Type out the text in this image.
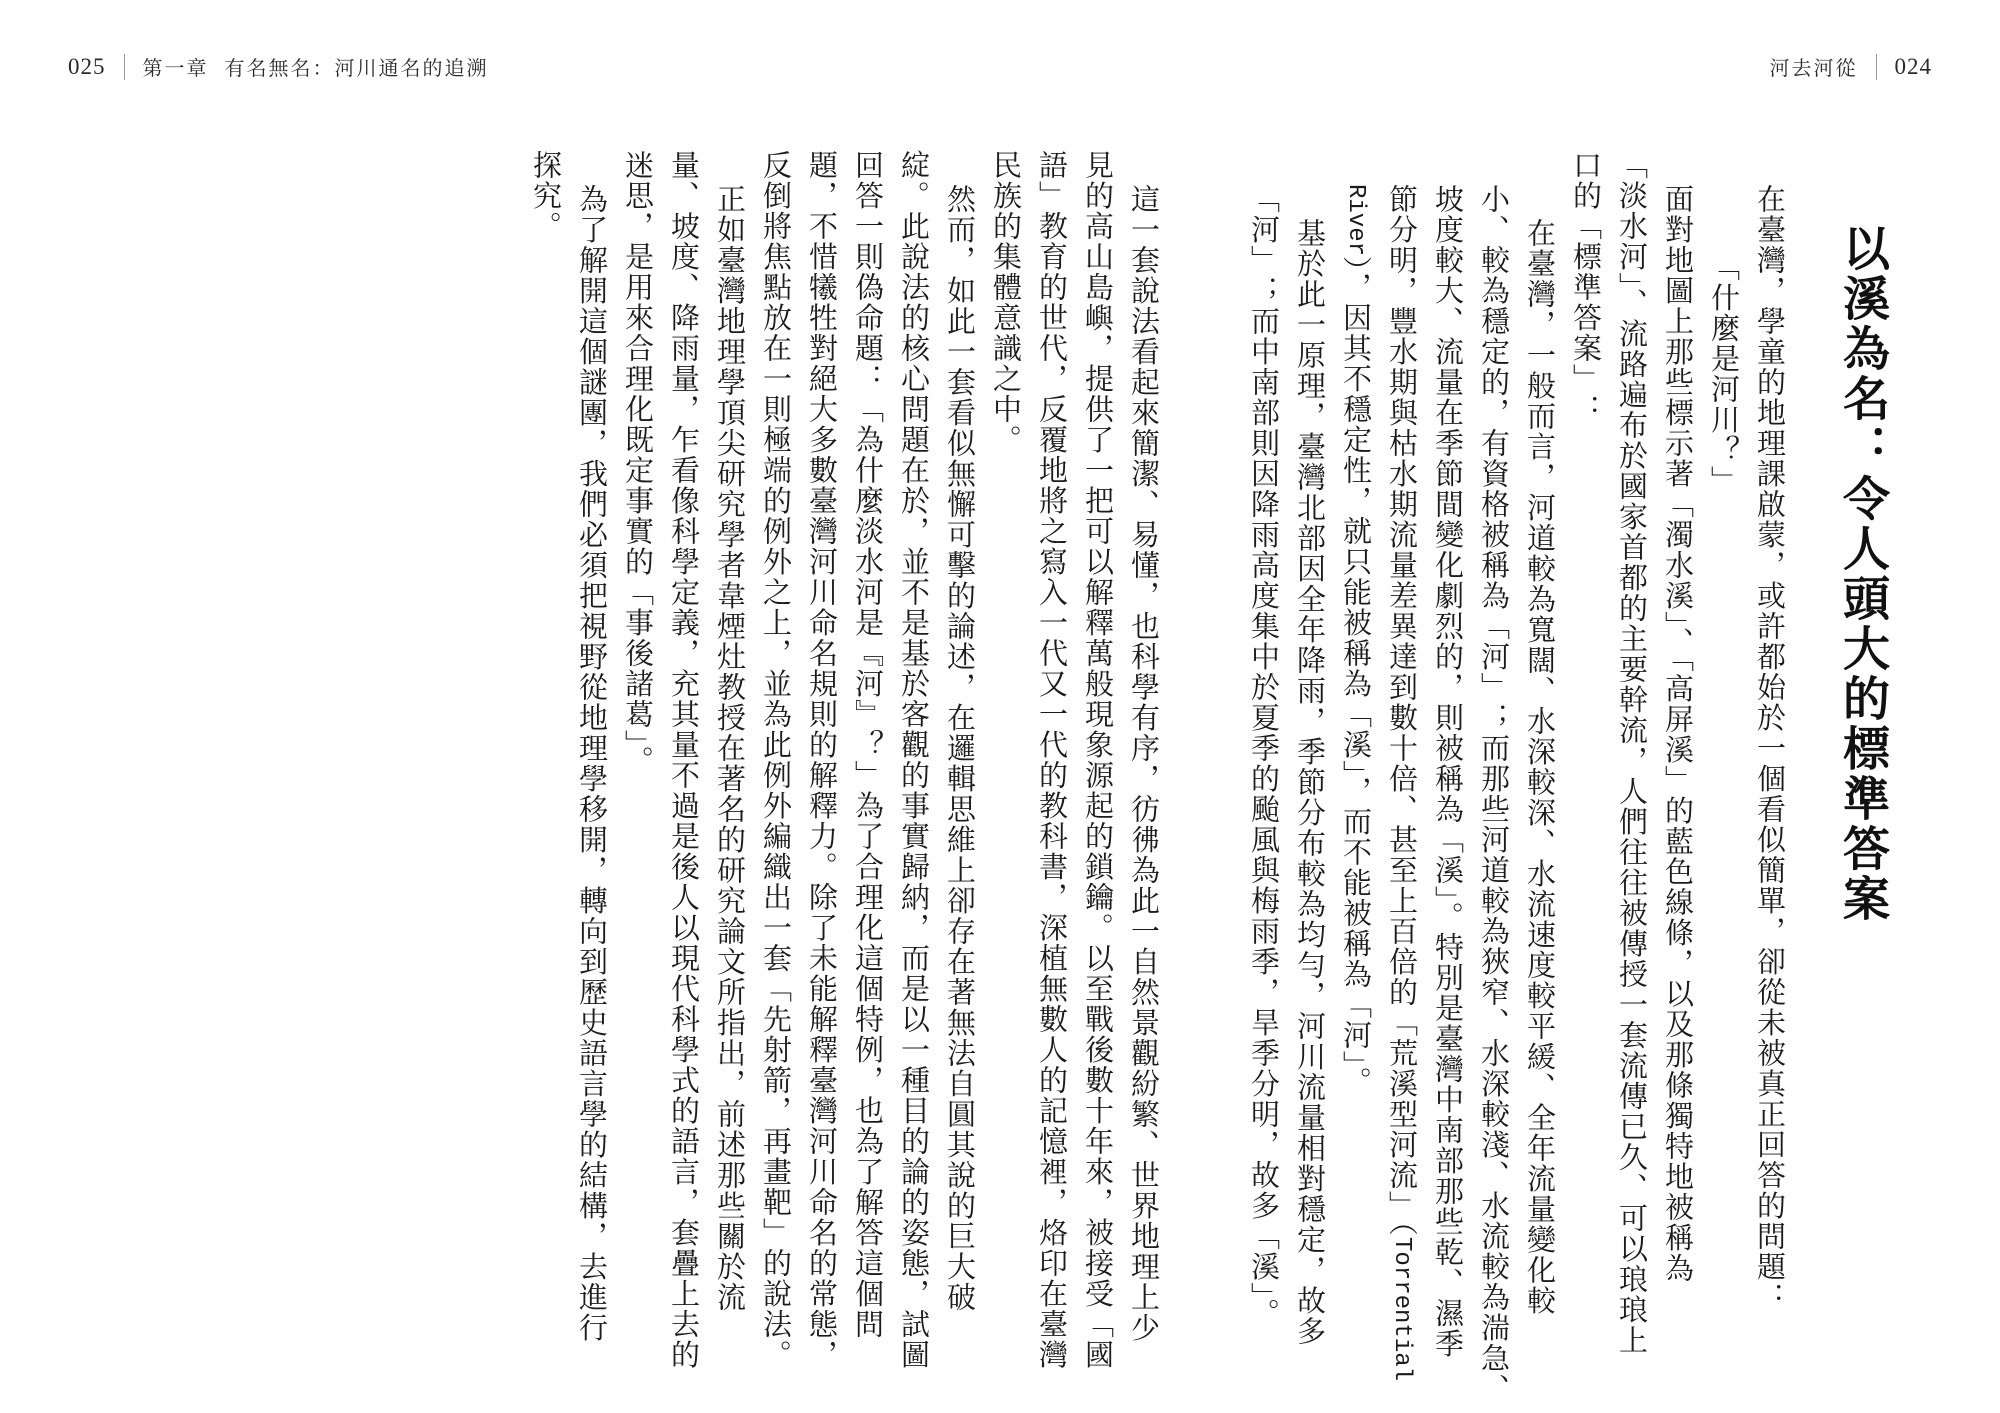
025 第一章 有名無名：河川通名的追溯	河去河從 024
以溪為名：令人頭大的標準答案
在臺灣，學童的地理課啟蒙，或許都始於一個看似簡單，卻從未被真正回答的問題：
「什麼是河川？」
面對地圖上那些標示著「濁水溪」、「高屏溪」的藍色線條，以及那條獨特地被稱為
「淡水河」、流路遍布於國家首都的主要幹流，人們往往被傳授一套流傳已久、可以琅琅上
口的「標準答案」：
在臺灣，一般而言，河道較為寬闊、水深較深、水流速度較平緩、全年流量變化較
小、較為穩定的，有資格被稱為「河」；而那些河道較為狹窄、水深較淺、水流較為湍急、
坡度較大、流量在季節間變化劇烈的，則被稱為「溪」。特別是臺灣中南部那些乾、濕季
節分明，豐水期與枯水期流量差異達到數十倍、甚至上百倍的「荒溪型河流」（Torrential
River），因其不穩定性，就只能被稱為「溪」，而不能被稱為「河」。
基於此一原理，臺灣北部因全年降雨，季節分布較為均勻，河川流量相對穩定，故多
「河」；而中南部則因降雨高度集中於夏季的颱風與梅雨季，旱季分明，故多「溪」。
這一套說法看起來簡潔、易懂，也科學有序，彷彿為此一自然景觀紛繁、世界地理上少
見的高山島嶼，提供了一把可以解釋萬般現象源起的鎖鑰。以至戰後數十年來，被接受「國
語」教育的世代，反覆地將之寫入一代又一代的教科書，深植無數人的記憶裡，烙印在臺灣
民族的集體意識之中。
然而，如此一套看似無懈可擊的論述，在邏輯思維上卻存在著無法自圓其說的巨大破
綻。此說法的核心問題在於，並不是基於客觀的事實歸納，而是以一種目的論的姿態，試圖
回答一則偽命題：「為什麼淡水河是『河』？」為了合理化這個特例，也為了解答這個問
題，不惜犧牲對絕大多數臺灣河川命名規則的解釋力。除了未能解釋臺灣河川命名的常態，
反倒將焦點放在一則極端的例外之上，並為此例外編織出一套「先射箭，再畫靶」的說法。
正如臺灣地理學頂尖研究學者韋煙灶教授在著名的研究論文所指出，前述那些關於流
量、坡度、降雨量，乍看像科學定義，充其量不過是後人以現代科學式的語言，套疊上去的
迷思，是用來合理化既定事實的「事後諸葛」。
為了解開這個謎團，我們必須把視野從地理學移開，轉向到歷史語言學的結構，去進行
探究。
